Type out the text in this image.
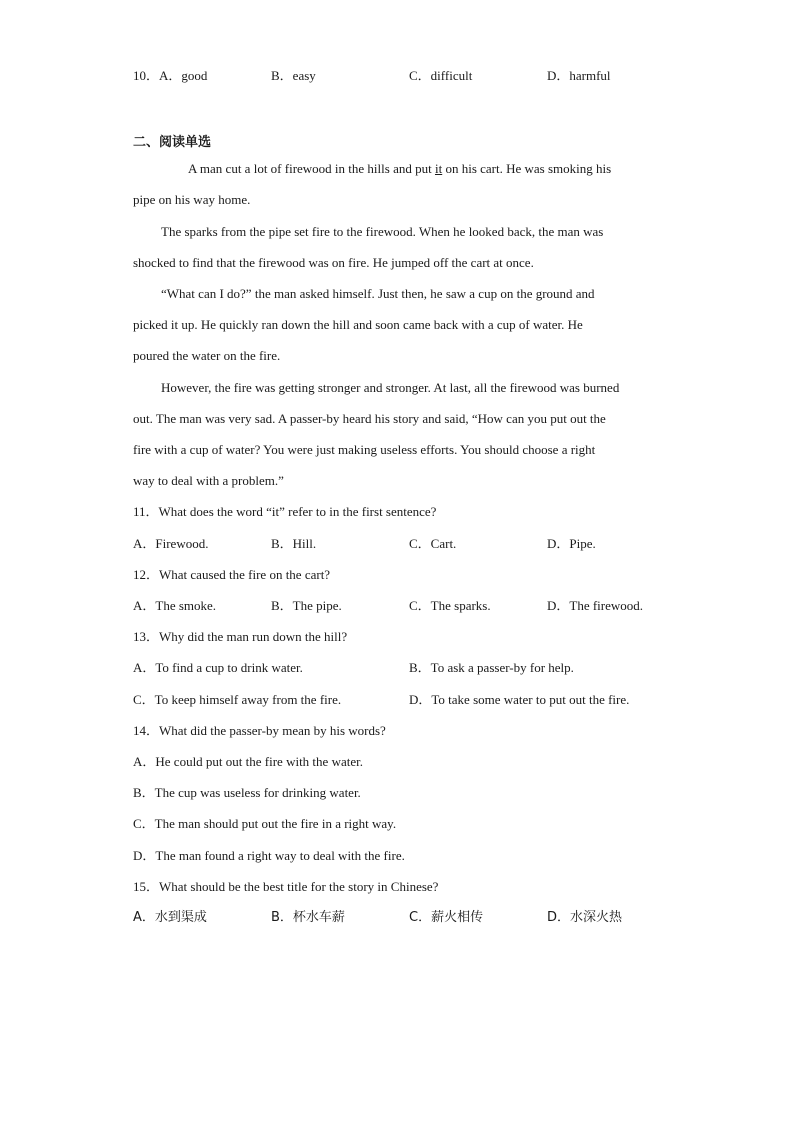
10．A．good	B．easy	C．difficult	D．harmful
二、阅读单选
A man cut a lot of firewood in the hills and put it on his cart. He was smoking his
pipe on his way home.
The sparks from the pipe set fire to the firewood. When he looked back, the man was
shocked to find that the firewood was on fire. He jumped off the cart at once.
“What can I do?” the man asked himself. Just then, he saw a cup on the ground and
picked it up. He quickly ran down the hill and soon came back with a cup of water. He
poured the water on the fire.
However, the fire was getting stronger and stronger. At last, all the firewood was burned
out. The man was very sad. A passer-by heard his story and said, “How can you put out the
fire with a cup of water? You were just making useless efforts. You should choose a right
way to deal with a problem.”
11．What does the word “it” refer to in the first sentence?
A．Firewood.	B．Hill.	C．Cart.	D．Pipe.
12．What caused the fire on the cart?
A．The smoke.	B．The pipe.	C．The sparks.	D．The firewood.
13．Why did the man run down the hill?
A．To find a cup to drink water.	B．To ask a passer-by for help.
C．To keep himself away from the fire.	D．To take some water to put out the fire.
14．What did the passer-by mean by his words?
A．He could put out the fire with the water.
B．The cup was useless for drinking water.
C．The man should put out the fire in a right way.
D．The man found a right way to deal with the fire.
15．What should be the best title for the story in Chinese?
A．水到渠成	B．杯水车薪	C．薪火相传	D．水深火热
